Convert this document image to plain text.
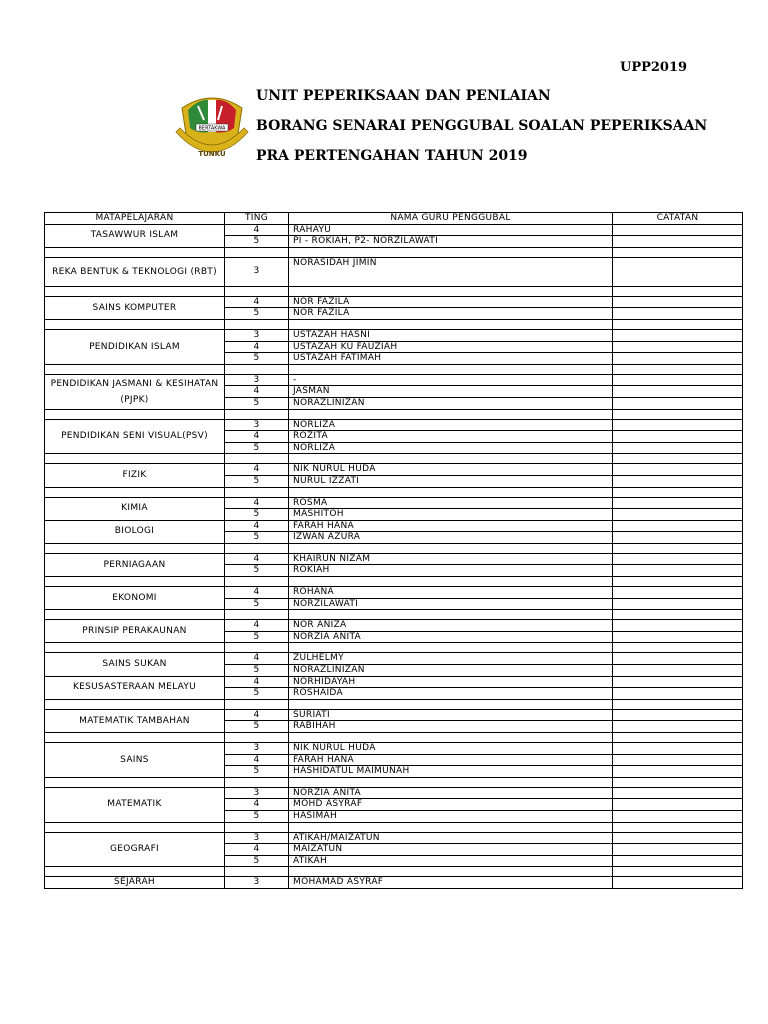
UPP2019
TUNKU
BERTAKWA
UNIT PEPERIKSAAN DAN PENLAIAN
BORANG SENARAI PENGGUBAL SOALAN PEPERIKSAAN
PRA PERTENGAHAN TAHUN 2019
MATAPELAJARAN	TING	NAMA GURU PENGGUBAL	CATATAN
TASAWWUR ISLAM	4	RAHAYU	
	5	PI - ROKIAH, P2- NORZILAWATI	

REKA BENTUK & TEKNOLOGI (RBT)	3	NORASIDAH JIMIN	

SAINS KOMPUTER	4	NOR FAZILA	
	5	NOR FAZILA	

PENDIDIKAN ISLAM	3	USTAZAH HASNI	
	4	USTAZAH KU FAUZIAH	
	5	USTAZAH FATIMAH	

PENDIDIKAN JASMANI & KESIHATAN (PJPK)	3	-	
	4	JASMAN	
	5	NORAZLINIZAN	

PENDIDIKAN SENI VISUAL(PSV)	3	NORLIZA	
	4	ROZITA	
	5	NORLIZA	

FIZIK	4	NIK NURUL HUDA	
	5	NURUL IZZATI	

KIMIA	4	ROSMA	
	5	MASHITOH	
BIOLOGI	4	FARAH HANA	
	5	IZWAN AZURA	

PERNIAGAAN	4	KHAIRUN NIZAM	
	5	ROKIAH	

EKONOMI	4	ROHANA	
	5	NORZILAWATI	

PRINSIP PERAKAUNAN	4	NOR ANIZA	
	5	NORZIA ANITA	

SAINS SUKAN	4	ZULHELMY	
	5	NORAZLINIZAN	
KESUSASTERAAN MELAYU	4	NORHIDAYAH	
	5	ROSHAIDA	

MATEMATIK TAMBAHAN	4	SURIATI	
	5	RABIHAH	

SAINS	3	NIK NURUL HUDA	
	4	FARAH HANA	
	5	HASHIDATUL MAIMUNAH	

MATEMATIK	3	NORZIA ANITA	
	4	MOHD ASYRAF	
	5	HASIMAH	

GEOGRAFI	3	ATIKAH/MAIZATUN	
	4	MAIZATUN	
	5	ATIKAH	

SEJARAH	3	MOHAMAD ASYRAF	
